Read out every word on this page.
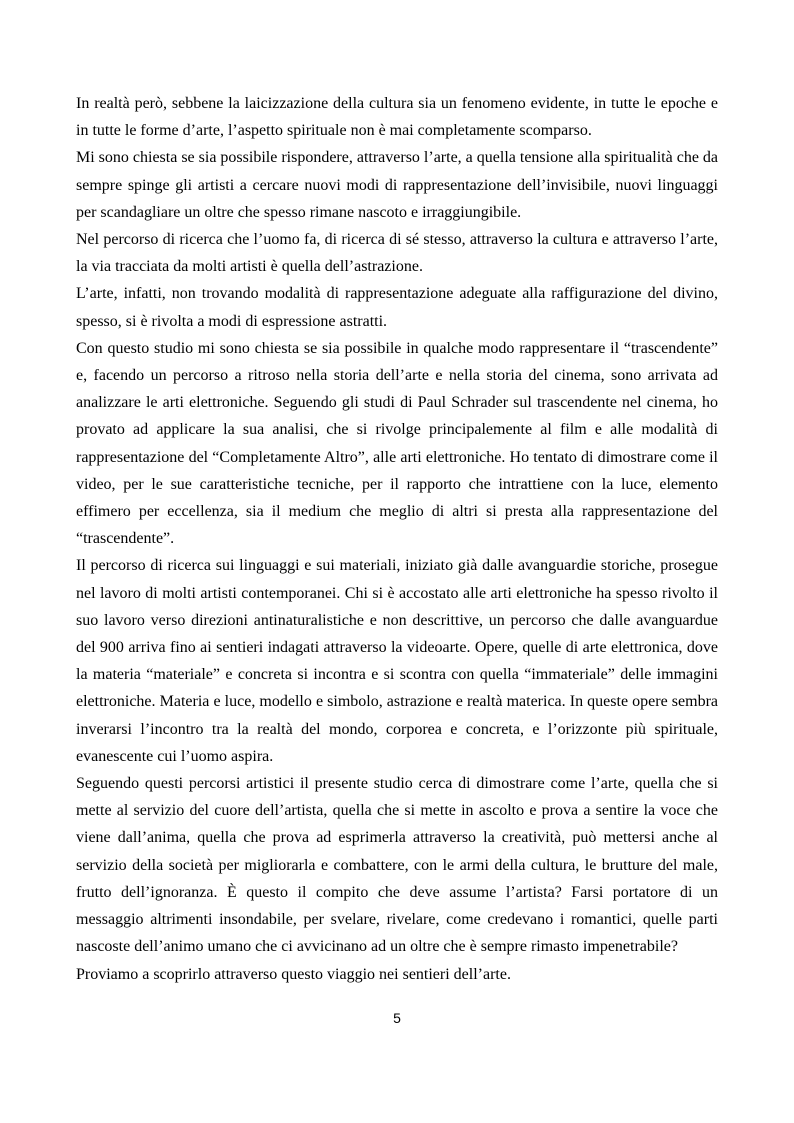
In realtà però, sebbene la laicizzazione della cultura sia un fenomeno evidente, in tutte le epoche e in tutte le forme d’arte, l’aspetto spirituale non è mai completamente scomparso.

Mi sono chiesta se sia possibile rispondere, attraverso l’arte, a quella tensione alla spiritualità che da sempre spinge gli artisti a cercare nuovi modi di rappresentazione dell’invisibile, nuovi linguaggi per scandagliare un oltre che spesso rimane nascoto e irraggiungibile.

Nel percorso di ricerca che l’uomo fa, di ricerca di sé stesso, attraverso la cultura e attraverso l’arte, la via tracciata da molti artisti è quella dell’astrazione.

L’arte, infatti, non trovando modalità di rappresentazione adeguate alla raffigurazione del divino, spesso, si è rivolta a modi di espressione astratti.

Con questo studio mi sono chiesta se sia possibile in qualche modo rappresentare il “trascendente” e, facendo un percorso a ritroso nella storia dell’arte e nella storia del cinema, sono arrivata ad analizzare le arti elettroniche. Seguendo gli studi di Paul Schrader sul trascendente nel cinema, ho provato ad applicare la sua analisi, che si rivolge principalemente al film e alle modalità di rappresentazione del “Completamente Altro”, alle arti elettroniche. Ho tentato di dimostrare come il video, per le sue caratteristiche tecniche, per il rapporto che intrattiene con la luce, elemento effimero per eccellenza, sia il medium che meglio di altri si presta alla rappresentazione del “trascendente”.

Il percorso di ricerca sui linguaggi e sui materiali, iniziato già dalle avanguardie storiche, prosegue nel lavoro di molti artisti contemporanei. Chi si è accostato alle arti elettroniche ha spesso rivolto il suo lavoro verso direzioni antinaturalistiche e non descrittive, un percorso che dalle avanguardue del 900 arriva fino ai sentieri indagati attraverso la videoarte. Opere, quelle di arte elettronica, dove la materia “materiale” e concreta si incontra e si scontra con quella “immateriale” delle immagini elettroniche. Materia e luce, modello e simbolo, astrazione e realtà materica. In queste opere sembra inverarsi l’incontro tra la realtà del mondo, corporea e concreta, e l’orizzonte più spirituale, evanescente cui l’uomo aspira.

Seguendo questi percorsi artistici il presente studio cerca di dimostrare come l’arte, quella che si mette al servizio del cuore dell’artista, quella che si mette in ascolto e prova a sentire la voce che viene dall’anima, quella che prova ad esprimerla attraverso la creatività, può mettersi anche al servizio della società per migliorarla e combattere, con le armi della cultura, le brutture del male, frutto dell’ignoranza. È questo il compito che deve assume l’artista? Farsi portatore di un messaggio altrimenti insondabile, per svelare, rivelare, come credevano i romantici, quelle parti nascoste dell’animo umano che ci avvicinano ad un oltre che è sempre rimasto impenetrabile?

Proviamo a scoprirlo attraverso questo viaggio nei sentieri dell’arte.

5
